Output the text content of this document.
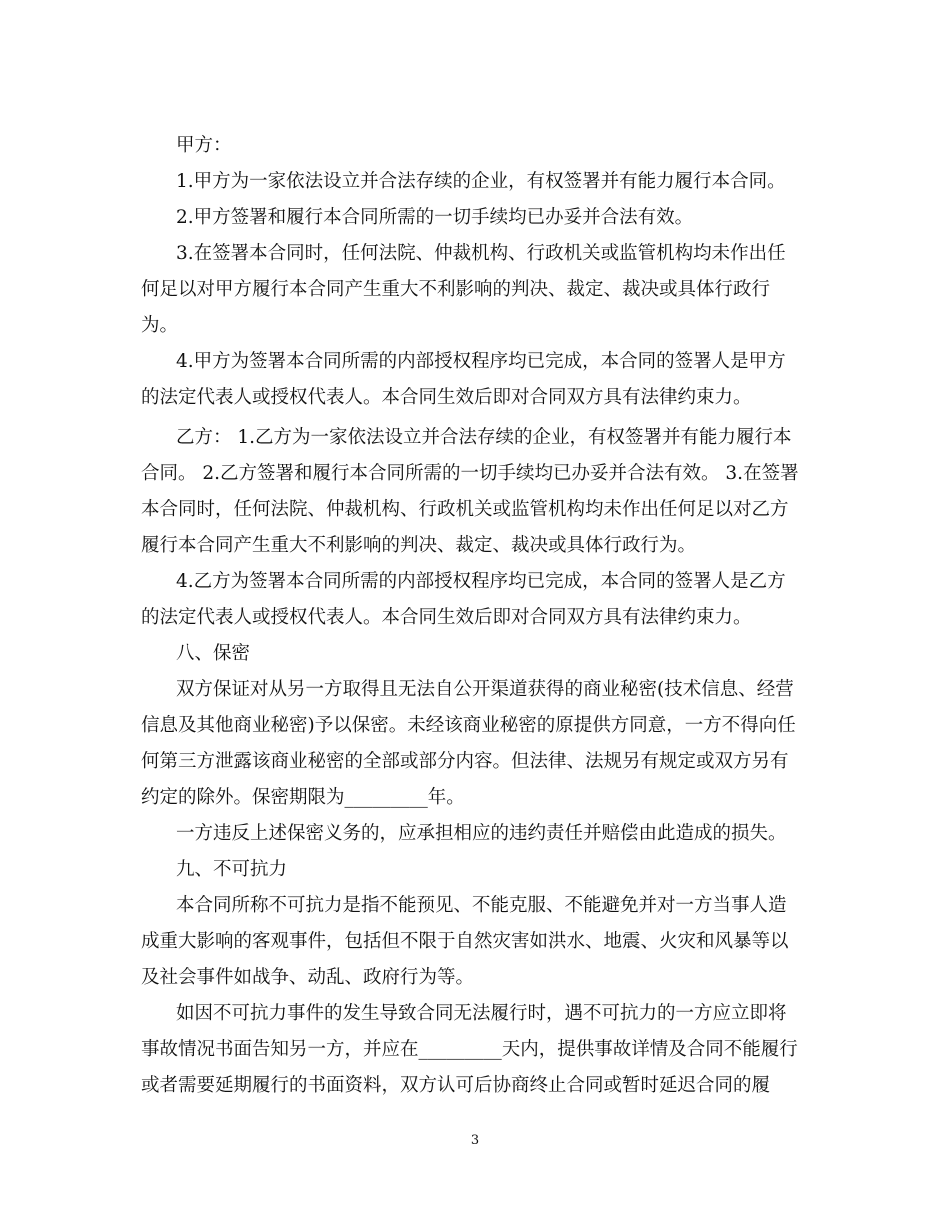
甲方：
1.甲方为一家依法设立并合法存续的企业，有权签署并有能力履行本合同。
2.甲方签署和履行本合同所需的一切手续均已办妥并合法有效。
3.在签署本合同时，任何法院、仲裁机构、行政机关或监管机构均未作出任
何足以对甲方履行本合同产生重大不利影响的判决、裁定、裁决或具体行政行
为。
4.甲方为签署本合同所需的内部授权程序均已完成，本合同的签署人是甲方
的法定代表人或授权代表人。本合同生效后即对合同双方具有法律约束力。
乙方： 1.乙方为一家依法设立并合法存续的企业，有权签署并有能力履行本
合同。 2.乙方签署和履行本合同所需的一切手续均已办妥并合法有效。 3.在签署
本合同时，任何法院、仲裁机构、行政机关或监管机构均未作出任何足以对乙方
履行本合同产生重大不利影响的判决、裁定、裁决或具体行政行为。
4.乙方为签署本合同所需的内部授权程序均已完成，本合同的签署人是乙方
的法定代表人或授权代表人。本合同生效后即对合同双方具有法律约束力。
八、保密
双方保证对从另一方取得且无法自公开渠道获得的商业秘密(技术信息、经营
信息及其他商业秘密)予以保密。未经该商业秘密的原提供方同意，一方不得向任
何第三方泄露该商业秘密的全部或部分内容。但法律、法规另有规定或双方另有
约定的除外。保密期限为_________年。
一方违反上述保密义务的，应承担相应的违约责任并赔偿由此造成的损失。
九、不可抗力
本合同所称不可抗力是指不能预见、不能克服、不能避免并对一方当事人造
成重大影响的客观事件，包括但不限于自然灾害如洪水、地震、火灾和风暴等以
及社会事件如战争、动乱、政府行为等。
如因不可抗力事件的发生导致合同无法履行时，遇不可抗力的一方应立即将
事故情况书面告知另一方，并应在_________天内，提供事故详情及合同不能履行
或者需要延期履行的书面资料，双方认可后协商终止合同或暂时延迟合同的履
3
